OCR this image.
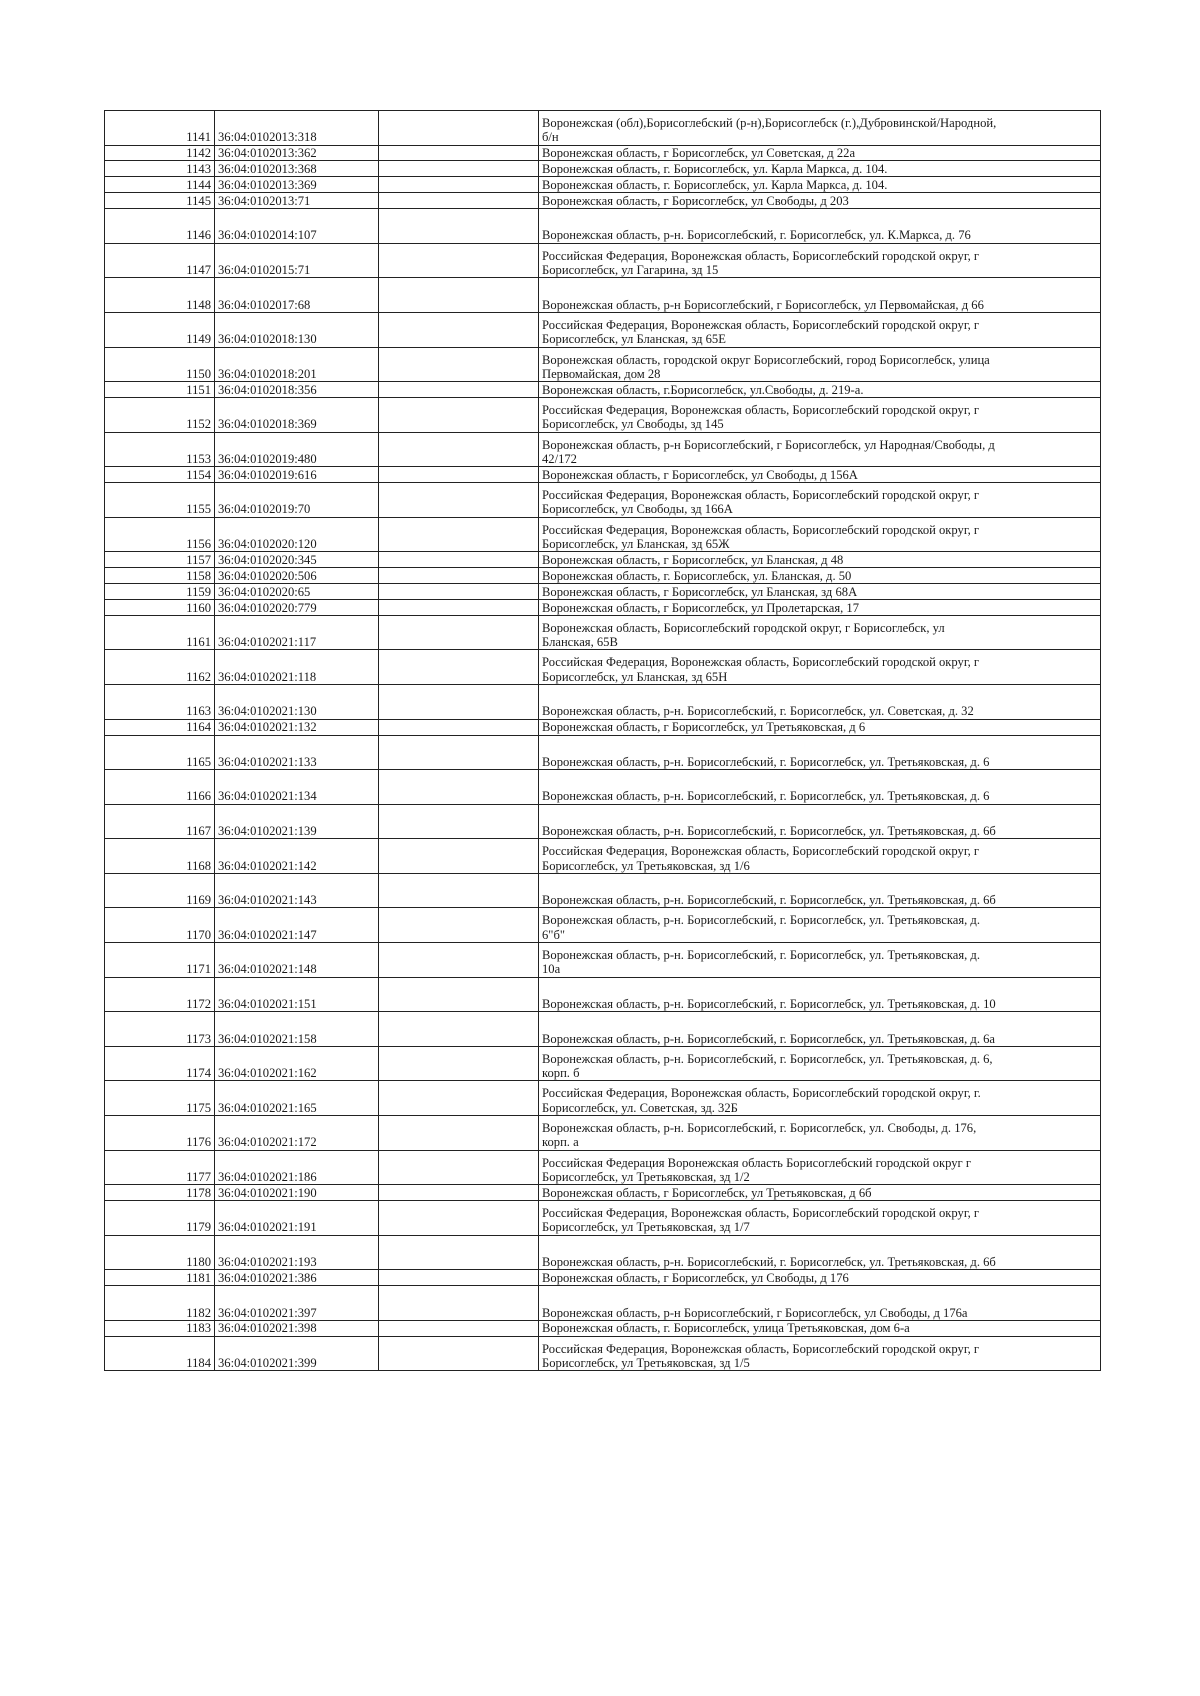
1141	36:04:0102013:318		Воронежская (обл),Борисоглебский (р-н),Борисоглебск (г.),Дубровинской/Народной,
б/н

1142	36:04:0102013:362		Воронежская область, г Борисоглебск, ул Советская, д 22а

1143	36:04:0102013:368		Воронежская область, г. Борисоглебск, ул. Карла Маркса, д. 104.

1144	36:04:0102013:369		Воронежская область, г. Борисоглебск, ул. Карла Маркса, д. 104.

1145	36:04:0102013:71		Воронежская область, г Борисоглебск, ул Свободы, д 203

1146	36:04:0102014:107		Воронежская область, р-н. Борисоглебский, г. Борисоглебск, ул. К.Маркса, д. 76

1147	36:04:0102015:71		Российская Федерация, Воронежская область, Борисоглебский городской округ, г
Борисоглебск, ул Гагарина, зд 15

1148	36:04:0102017:68		Воронежская область, р-н Борисоглебский, г Борисоглебск, ул Первомайская, д 66

1149	36:04:0102018:130		Российская Федерация, Воронежская область, Борисоглебский городской округ, г
Борисоглебск, ул Бланская, зд 65Е

1150	36:04:0102018:201		Воронежская область, городской округ Борисоглебский, город Борисоглебск, улица
Первомайская, дом 28

1151	36:04:0102018:356		Воронежская область, г.Борисоглебск, ул.Свободы, д. 219-а.

1152	36:04:0102018:369		Российская Федерация, Воронежская область, Борисоглебский городской округ, г
Борисоглебск, ул Свободы, зд 145

1153	36:04:0102019:480		Воронежская область, р-н Борисоглебский, г Борисоглебск, ул Народная/Свободы, д
42/172

1154	36:04:0102019:616		Воронежская область, г Борисоглебск, ул Свободы, д 156А

1155	36:04:0102019:70		Российская Федерация, Воронежская область, Борисоглебский городской округ, г
Борисоглебск, ул Свободы, зд 166А

1156	36:04:0102020:120		Российская Федерация, Воронежская область, Борисоглебский городской округ, г
Борисоглебск, ул Бланская, зд 65Ж

1157	36:04:0102020:345		Воронежская область, г Борисоглебск, ул Бланская, д 48

1158	36:04:0102020:506		Воронежская область, г. Борисоглебск, ул. Бланская, д. 50

1159	36:04:0102020:65		Воронежская область, г Борисоглебск, ул Бланская, зд 68А

1160	36:04:0102020:779		Воронежская область, г Борисоглебск, ул Пролетарская, 17

1161	36:04:0102021:117		Воронежская область, Борисоглебский городской округ, г Борисоглебск, ул
Бланская, 65В

1162	36:04:0102021:118		Российская Федерация, Воронежская область, Борисоглебский городской округ, г
Борисоглебск, ул Бланская, зд 65Н

1163	36:04:0102021:130		Воронежская область, р-н. Борисоглебский, г. Борисоглебск, ул. Советская, д. 32

1164	36:04:0102021:132		Воронежская область, г Борисоглебск, ул Третьяковская, д 6

1165	36:04:0102021:133		Воронежская область, р-н. Борисоглебский, г. Борисоглебск, ул. Третьяковская, д. 6

1166	36:04:0102021:134		Воронежская область, р-н. Борисоглебский, г. Борисоглебск, ул. Третьяковская, д. 6

1167	36:04:0102021:139		Воронежская область, р-н. Борисоглебский, г. Борисоглебск, ул. Третьяковская, д. 6б

1168	36:04:0102021:142		Российская Федерация, Воронежская область, Борисоглебский городской округ, г
Борисоглебск, ул Третьяковская, зд 1/6

1169	36:04:0102021:143		Воронежская область, р-н. Борисоглебский, г. Борисоглебск, ул. Третьяковская, д. 6б

1170	36:04:0102021:147		Воронежская область, р-н. Борисоглебский, г. Борисоглебск, ул. Третьяковская, д.
6"б"

1171	36:04:0102021:148		Воронежская область, р-н. Борисоглебский, г. Борисоглебск, ул. Третьяковская, д.
10а

1172	36:04:0102021:151		Воронежская область, р-н. Борисоглебский, г. Борисоглебск, ул. Третьяковская, д. 10

1173	36:04:0102021:158		Воронежская область, р-н. Борисоглебский, г. Борисоглебск, ул. Третьяковская, д. 6а

1174	36:04:0102021:162		Воронежская область, р-н. Борисоглебский, г. Борисоглебск, ул. Третьяковская, д. 6,
корп. б

1175	36:04:0102021:165		Российская Федерация, Воронежская область, Борисоглебский городской округ, г.
Борисоглебск, ул. Советская, зд. 32Б

1176	36:04:0102021:172		Воронежская область, р-н. Борисоглебский, г. Борисоглебск, ул. Свободы, д. 176,
корп. а

1177	36:04:0102021:186		Российская Федерация Воронежская область Борисоглебский городской округ г
Борисоглебск, ул Третьяковская, зд 1/2

1178	36:04:0102021:190		Воронежская область, г Борисоглебск, ул Третьяковская, д 6б

1179	36:04:0102021:191		Российская Федерация, Воронежская область, Борисоглебский городской округ, г
Борисоглебск, ул Третьяковская, зд 1/7

1180	36:04:0102021:193		Воронежская область, р-н. Борисоглебский, г. Борисоглебск, ул. Третьяковская, д. 6б

1181	36:04:0102021:386		Воронежская область, г Борисоглебск, ул Свободы, д 176

1182	36:04:0102021:397		Воронежская область, р-н Борисоглебский, г Борисоглебск, ул Свободы, д 176а

1183	36:04:0102021:398		Воронежская область, г. Борисоглебск, улица Третьяковская, дом 6-а

1184	36:04:0102021:399		Российская Федерация, Воронежская область, Борисоглебский городской округ, г
Борисоглебск, ул Третьяковская, зд 1/5
